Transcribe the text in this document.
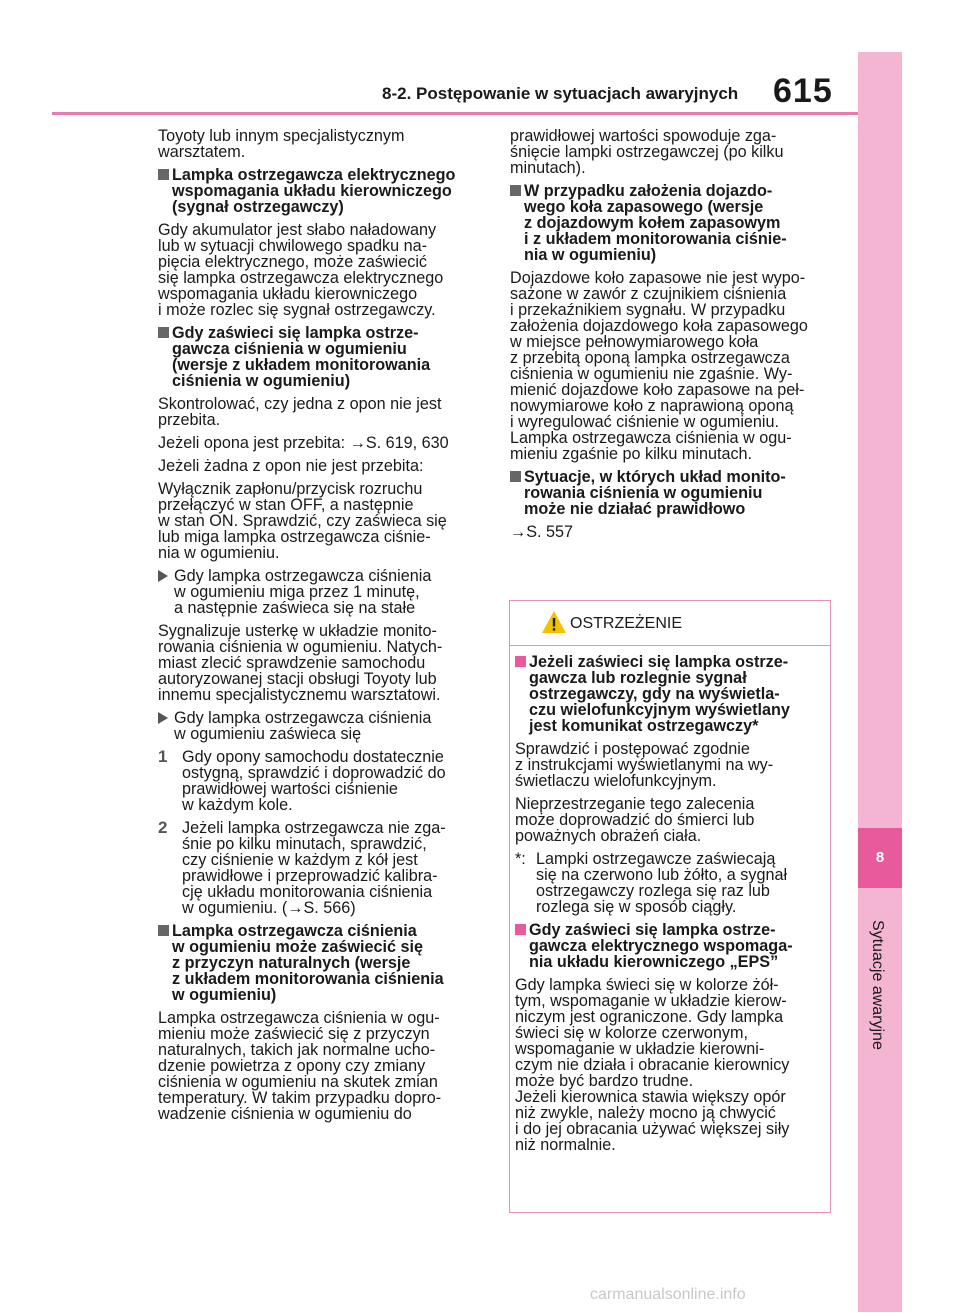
8-2. Postępowanie w sytuacjach awaryjnych 615
8
Sytuacje awaryjne

Toyoty lub innym specjalistycznym
warsztatem.

Lampka ostrzegawcza elektrycznego
wspomagania układu kierowniczego
(sygnał ostrzegawczy)

Gdy akumulator jest słabo naładowany
lub w sytuacji chwilowego spadku na-
pięcia elektrycznego, może zaświecić
się lampka ostrzegawcza elektrycznego
wspomagania układu kierowniczego
i może rozlec się sygnał ostrzegawczy.

Gdy zaświeci się lampka ostrze-
gawcza ciśnienia w ogumieniu
(wersje z układem monitorowania
ciśnienia w ogumieniu)

Skontrolować, czy jedna z opon nie jest
przebita.

Jeżeli opona jest przebita: →S. 619, 630

Jeżeli żadna z opon nie jest przebita:

Wyłącznik zapłonu/przycisk rozruchu
przełączyć w stan OFF, a następnie
w stan ON. Sprawdzić, czy zaświeca się
lub miga lampka ostrzegawcza ciśnie-
nia w ogumieniu.

Gdy lampka ostrzegawcza ciśnienia
w ogumieniu miga przez 1 minutę,
a następnie zaświeca się na stałe

Sygnalizuje usterkę w układzie monito-
rowania ciśnienia w ogumieniu. Natych-
miast zlecić sprawdzenie samochodu
autoryzowanej stacji obsługi Toyoty lub
innemu specjalistycznemu warsztatowi.

Gdy lampka ostrzegawcza ciśnienia
w ogumieniu zaświeca się
1 Gdy opony samochodu dostatecznie
ostygną, sprawdzić i doprowadzić do
prawidłowej wartości ciśnienie
w każdym kole.
2 Jeżeli lampka ostrzegawcza nie zga-
śnie po kilku minutach, sprawdzić,
czy ciśnienie w każdym z kół jest
prawidłowe i przeprowadzić kalibra-
cję układu monitorowania ciśnienia
w ogumieniu. (→S. 566)
Lampka ostrzegawcza ciśnienia
w ogumieniu może zaświecić się
z przyczyn naturalnych (wersje
z układem monitorowania ciśnienia
w ogumieniu)

Lampka ostrzegawcza ciśnienia w ogu-
mieniu może zaświecić się z przyczyn
naturalnych, takich jak normalne ucho-
dzenie powietrza z opony czy zmiany
ciśnienia w ogumieniu na skutek zmian
temperatury. W takim przypadku dopro-
wadzenie ciśnienia w ogumieniu do

prawidłowej wartości spowoduje zga-
śnięcie lampki ostrzegawczej (po kilku
minutach).

W przypadku założenia dojazdo-
wego koła zapasowego (wersje
z dojazdowym kołem zapasowym
i z układem monitorowania ciśnie-
nia w ogumieniu)

Dojazdowe koło zapasowe nie jest wypo-
sażone w zawór z czujnikiem ciśnienia
i przekaźnikiem sygnału. W przypadku
założenia dojazdowego koła zapasowego
w miejsce pełnowymiarowego koła
z przebitą oponą lampka ostrzegawcza
ciśnienia w ogumieniu nie zgaśnie. Wy-
mienić dojazdowe koło zapasowe na peł-
nowymiarowe koło z naprawioną oponą
i wyregulować ciśnienie w ogumieniu.
Lampka ostrzegawcza ciśnienia w ogu-
mieniu zgaśnie po kilku minutach.

Sytuacje, w których układ monito-
rowania ciśnienia w ogumieniu
może nie działać prawidłowo

→S. 557

OSTRZEŻENIE
Jeżeli zaświeci się lampka ostrze-
gawcza lub rozlegnie sygnał
ostrzegawczy, gdy na wyświetla-
czu wielofunkcyjnym wyświetlany
jest komunikat ostrzegawczy*

Sprawdzić i postępować zgodnie
z instrukcjami wyświetlanymi na wy-
świetlaczu wielofunkcyjnym.

Nieprzestrzeganie tego zalecenia
może doprowadzić do śmierci lub
poważnych obrażeń ciała.

*: Lampki ostrzegawcze zaświecają
się na czerwono lub żółto, a sygnał
ostrzegawczy rozlega się raz lub
rozlega się w sposób ciągły.
Gdy zaświeci się lampka ostrze-
gawcza elektrycznego wspomaga-
nia układu kierowniczego „EPS”

Gdy lampka świeci się w kolorze żół-
tym, wspomaganie w układzie kierow-
niczym jest ograniczone. Gdy lampka
świeci się w kolorze czerwonym,
wspomaganie w układzie kierowni-
czym nie działa i obracanie kierownicy
może być bardzo trudne.
Jeżeli kierownica stawia większy opór
niż zwykle, należy mocno ją chwycić
i do jej obracania używać większej siły
niż normalnie.

carmanualsonline.info
